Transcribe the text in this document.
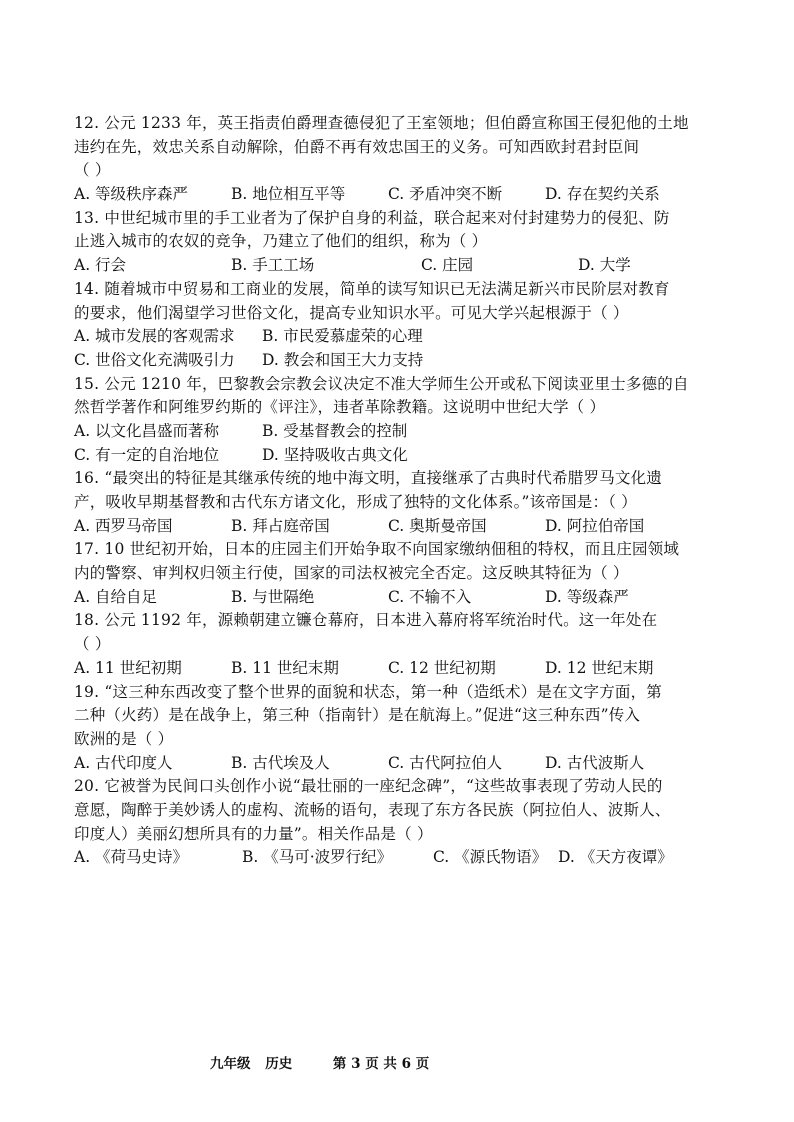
12. 公元 1233 年，英王指责伯爵理查德侵犯了王室领地；但伯爵宣称国王侵犯他的土地
违约在先，效忠关系自动解除，伯爵不再有效忠国王的义务。可知西欧封君封臣间
（ ）
A. 等级秩序森严	B. 地位相互平等	C. 矛盾冲突不断	D. 存在契约关系
13. 中世纪城市里的手工业者为了保护自身的利益，联合起来对付封建势力的侵犯、防
止逃入城市的农奴的竞争，乃建立了他们的组织，称为（ ）
A. 行会	B. 手工工场	C. 庄园	D. 大学
14. 随着城市中贸易和工商业的发展，简单的读写知识已无法满足新兴市民阶层对教育
的要求，他们渴望学习世俗文化，提高专业知识水平。可见大学兴起根源于（ ）
A. 城市发展的客观需求	B. 市民爱慕虚荣的心理
C. 世俗文化充满吸引力	D. 教会和国王大力支持
15. 公元 1210 年，巴黎教会宗教会议决定不准大学师生公开或私下阅读亚里士多德的自
然哲学著作和阿维罗约斯的《评注》，违者革除教籍。这说明中世纪大学（ ）
A. 以文化昌盛而著称	B. 受基督教会的控制
C. 有一定的自治地位	D. 坚持吸收古典文化
16. “最突出的特征是其继承传统的地中海文明，直接继承了古典时代希腊罗马文化遗
产，吸收早期基督教和古代东方诸文化，形成了独特的文化体系。”该帝国是：（ ）
A. 西罗马帝国	B. 拜占庭帝国	C. 奥斯曼帝国	D. 阿拉伯帝国
17. 10 世纪初开始，日本的庄园主们开始争取不向国家缴纳佃租的特权，而且庄园领域
内的警察、审判权归领主行使，国家的司法权被完全否定。这反映其特征为（ ）
A. 自给自足	B. 与世隔绝	C. 不输不入	D. 等级森严
18. 公元 1192 年，源赖朝建立镰仓幕府，日本进入幕府将军统治时代。这一年处在
（ ）
A. 11 世纪初期	B. 11 世纪末期	C. 12 世纪初期	D. 12 世纪末期
19. “这三种东西改变了整个世界的面貌和状态，第一种（造纸术）是在文字方面，第
二种（火药）是在战争上，第三种（指南针）是在航海上。”促进“这三种东西”传入
欧洲的是（ ）
A. 古代印度人	B. 古代埃及人	C. 古代阿拉伯人	D. 古代波斯人
20. 它被誉为民间口头创作小说“最壮丽的一座纪念碑”，“这些故事表现了劳动人民的
意愿，陶醉于美妙诱人的虚构、流畅的语句，表现了东方各民族（阿拉伯人、波斯人、
印度人）美丽幻想所具有的力量”。相关作品是（ ）
A. 《荷马史诗》	B. 《马可·波罗行纪》	C. 《源氏物语》 D. 《天方夜谭》
九年级 历史	第 3 页 共 6 页
